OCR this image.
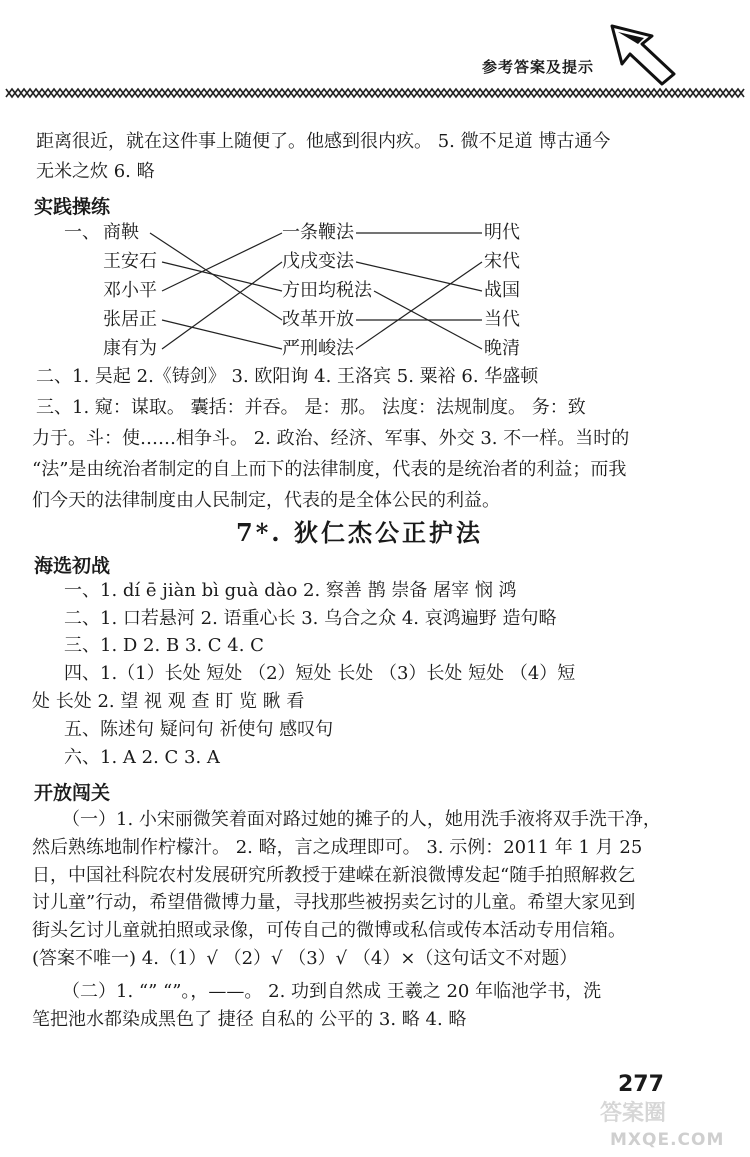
参考答案及提示
距离很近，就在这件事上随便了。他感到很内疚。 5. 微不足道 博古通今
无米之炊 6. 略
实践操练
一、 商鞅
王安石
邓小平
张居正
康有为
一条鞭法
戊戌变法
方田均税法
改革开放
严刑峻法
明代
宋代
战国
当代
晚清
二、1. 吴起 2.《铸剑》 3. 欧阳询 4. 王洛宾 5. 粟裕 6. 华盛顿
三、1. 窥：谋取。 囊括：并吞。 是：那。 法度：法规制度。 务：致
力于。斗：使……相争斗。 2. 政治、经济、军事、外交 3. 不一样。当时的
“法”是由统治者制定的自上而下的法律制度，代表的是统治者的利益；而我
们今天的法律制度由人民制定，代表的是全体公民的利益。
7*. 狄仁杰公正护法
海选初战
一、1. dí ē jiàn bì guà dào 2. 察善 鹊 崇备 屠宰 悯 鸿
二、1. 口若悬河 2. 语重心长 3. 乌合之众 4. 哀鸿遍野 造句略
三、1. D 2. B 3. C 4. C
四、1.（1）长处 短处 （2）短处 长处 （3）长处 短处 （4）短
处 长处 2. 望 视 观 查 盯 览 瞅 看
五、陈述句 疑问句 祈使句 感叹句
六、1. A 2. C 3. A
开放闯关
（一）1. 小宋丽微笑着面对路过她的摊子的人，她用洗手液将双手洗干净，
然后熟练地制作柠檬汁。 2. 略，言之成理即可。 3. 示例：2011 年 1 月 25
日，中国社科院农村发展研究所教授于建嵘在新浪微博发起“随手拍照解救乞
讨儿童”行动，希望借微博力量，寻找那些被拐卖乞讨的儿童。希望大家见到
街头乞讨儿童就拍照或录像，可传自己的微博或私信或传本活动专用信箱。
(答案不唯一) 4.（1）√ （2）√ （3）√ （4）×（这句话文不对题）
（二）1. “” “”。，——。 2. 功到自然成 王羲之 20 年临池学书，洗
笔把池水都染成黑色了 捷径 自私的 公平的 3. 略 4. 略
277
答案圈
MXQE.COM
